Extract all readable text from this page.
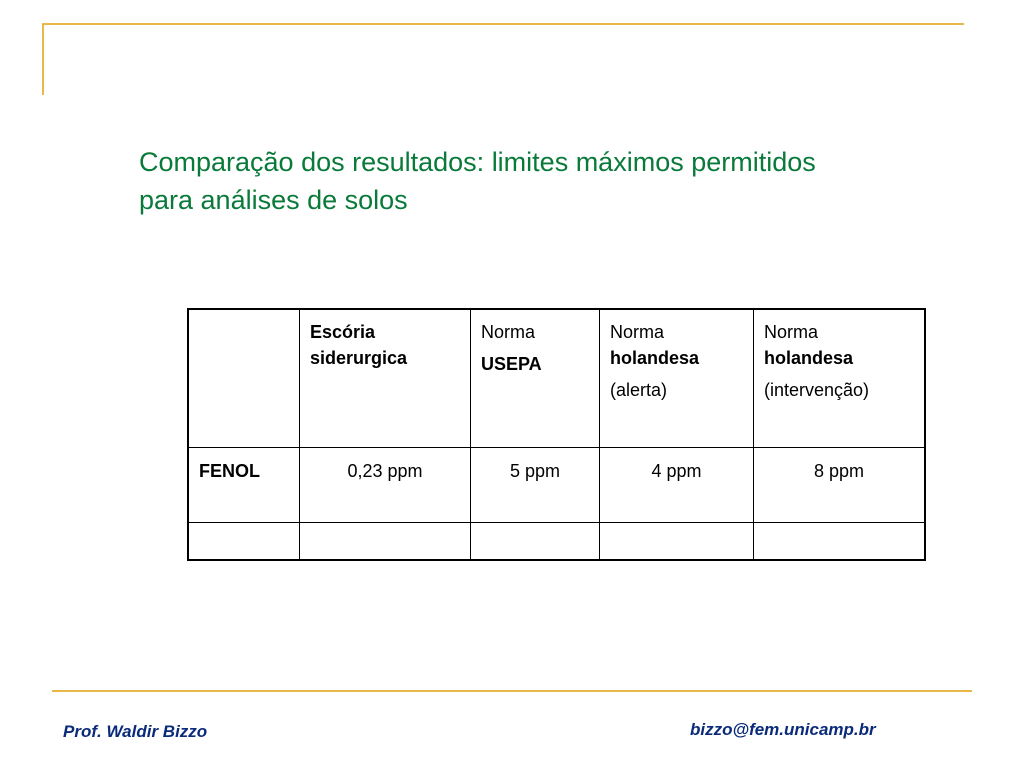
Comparação dos resultados: limites máximos permitidos
para análises de solos

	Escória
siderurgica	Norma
USEPA	Norma
holandesa
(alerta)	Norma
holandesa
(intervenção)

FENOL	0,23 ppm	5 ppm	4 ppm	8 ppm

Prof. Waldir Bizzo	bizzo@fem.unicamp.br
